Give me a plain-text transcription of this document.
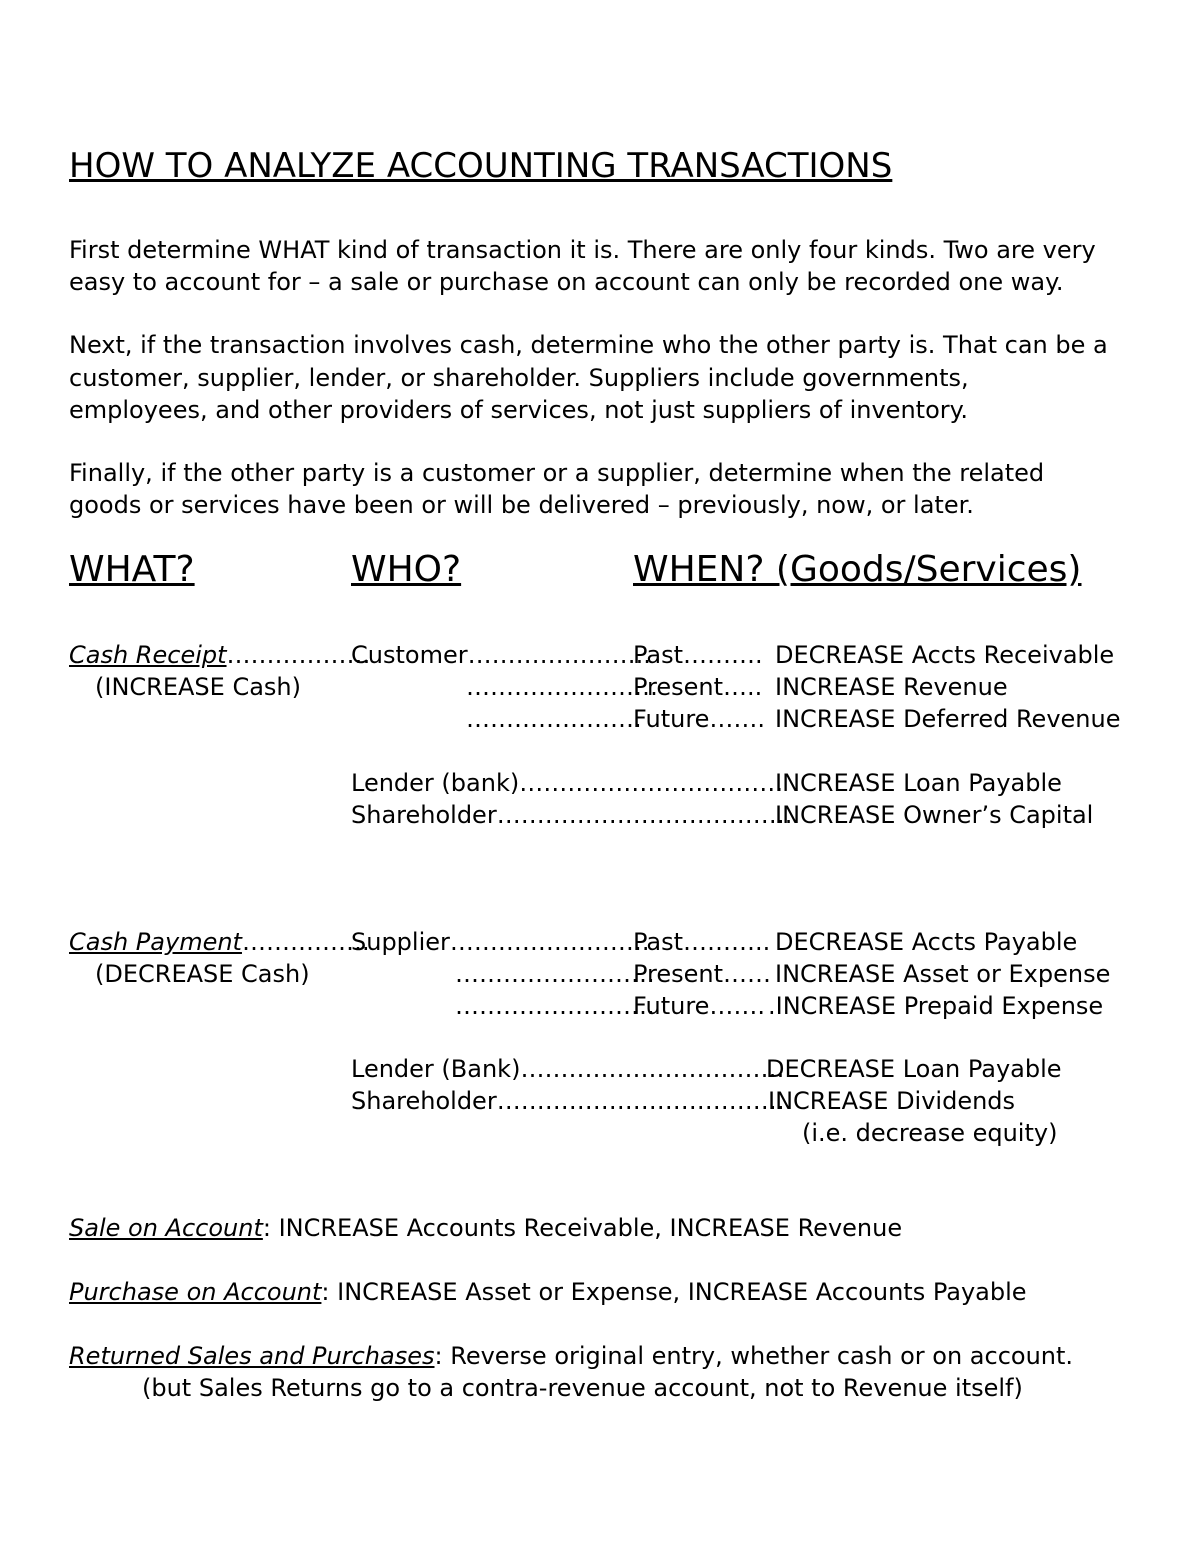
HOW TO ANALYZE ACCOUNTING TRANSACTIONS
First determine WHAT kind of transaction it is. There are only four kinds. Two are very
easy to account for – a sale or purchase on account can only be recorded one way.
Next, if the transaction involves cash, determine who the other party is. That can be a
customer, supplier, lender, or shareholder. Suppliers include governments,
employees, and other providers of services, not just suppliers of inventory.
Finally, if the other party is a customer or a supplier, determine when the related
goods or services have been or will be delivered – previously, now, or later.
WHAT?	WHO?	WHEN? (Goods/Services)
Cash Receipt………………
(INCREASE Cash)
Customer…………………..
……………………
………………….
Past……….
Present…..
Future…….
DECREASE Accts Receivable
INCREASE Revenue
INCREASE Deferred Revenue
Lender (bank)……………………………
INCREASE Loan Payable
Shareholder……………………………….
INCREASE Owner’s Capital
Cash Payment…………….
(DECREASE Cash)
Supplier…………………….
…………………….
…………………….
Past………..
Present……
Future…….
DECREASE Accts Payable
INCREASE Asset or Expense
.INCREASE Prepaid Expense
Lender (Bank)……………………………
DECREASE Loan Payable
Shareholder………………………………
INCREASE Dividends
(i.e. decrease equity)
Sale on Account: INCREASE Accounts Receivable, INCREASE Revenue
Purchase on Account: INCREASE Asset or Expense, INCREASE Accounts Payable
Returned Sales and Purchases: Reverse original entry, whether cash or on account.
(but Sales Returns go to a contra-revenue account, not to Revenue itself)
